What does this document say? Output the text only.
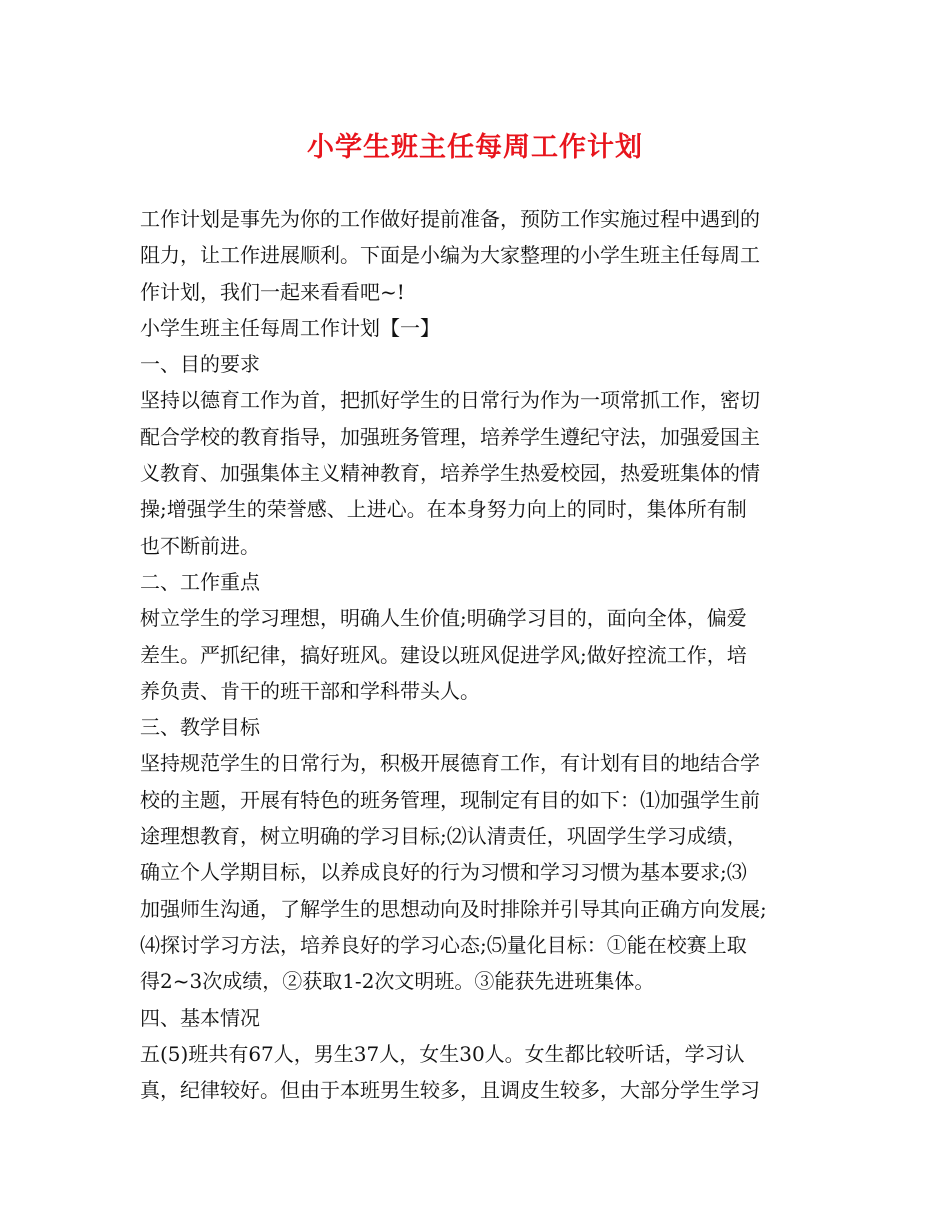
小学生班主任每周工作计划
工作计划是事先为你的工作做好提前准备，预防工作实施过程中遇到的
阻力，让工作进展顺利。下面是小编为大家整理的小学生班主任每周工
作计划，我们一起来看看吧~!
小学生班主任每周工作计划【一】
一、目的要求
坚持以德育工作为首，把抓好学生的日常行为作为一项常抓工作，密切
配合学校的教育指导，加强班务管理，培养学生遵纪守法，加强爱国主
义教育、加强集体主义精神教育，培养学生热爱校园，热爱班集体的情
操;增强学生的荣誉感、上进心。在本身努力向上的同时，集体所有制
也不断前进。
二、工作重点
树立学生的学习理想，明确人生价值;明确学习目的，面向全体，偏爱
差生。严抓纪律，搞好班风。建设以班风促进学风;做好控流工作，培
养负责、肯干的班干部和学科带头人。
三、教学目标
坚持规范学生的日常行为，积极开展德育工作，有计划有目的地结合学
校的主题，开展有特色的班务管理，现制定有目的如下：⑴加强学生前
途理想教育，树立明确的学习目标;⑵认清责任，巩固学生学习成绩，
确立个人学期目标，以养成良好的行为习惯和学习习惯为基本要求;⑶
加强师生沟通，了解学生的思想动向及时排除并引导其向正确方向发展;
⑷探讨学习方法，培养良好的学习心态;⑸量化目标：①能在校赛上取
得2~3次成绩，②获取1-2次文明班。③能获先进班集体。
四、基本情况
五(5)班共有67人，男生37人，女生30人。女生都比较听话，学习认
真，纪律较好。但由于本班男生较多，且调皮生较多，大部分学生学习
